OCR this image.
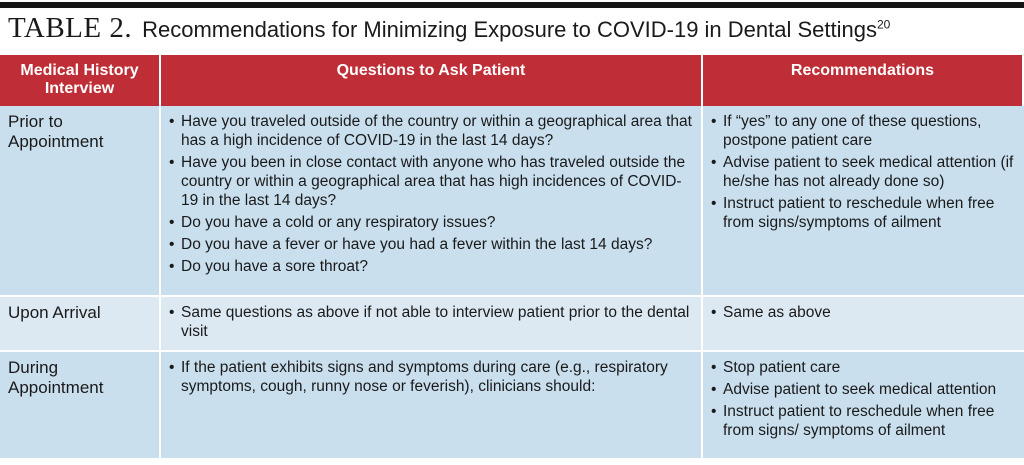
TABLE 2. Recommendations for Minimizing Exposure to COVID-19 in Dental Settings$^{20}$
Medical History Interview
Questions to Ask Patient	Recommendations
Prior to Appointment
• Have you traveled outside of the country or within a geographical area that has a high incidence of COVID-19 in the last 14 days?
• Have you been in close contact with anyone who has traveled outside the country or within a geographical area that has high incidences of COVID-19 in the last 14 days?
• Do you have a cold or any respiratory issues?
• Do you have a fever or have you had a fever within the last 14 days?
• Do you have a sore throat?
• If “yes” to any one of these questions, postpone patient care
• Advise patient to seek medical attention (if he/she has not already done so)
• Instruct patient to reschedule when free from signs/symptoms of ailment
Upon Arrival
•	Same questions as above if not able to interview patient prior to the dental visit
• Same as above
During Appointment
• If the patient exhibits signs and symptoms during care (e.g., respiratory symptoms, cough, runny nose or feverish), clinicians should:
• Stop patient care
• Advise patient to seek medical attention
• Instruct patient to reschedule when free from signs/ symptoms of ailment
